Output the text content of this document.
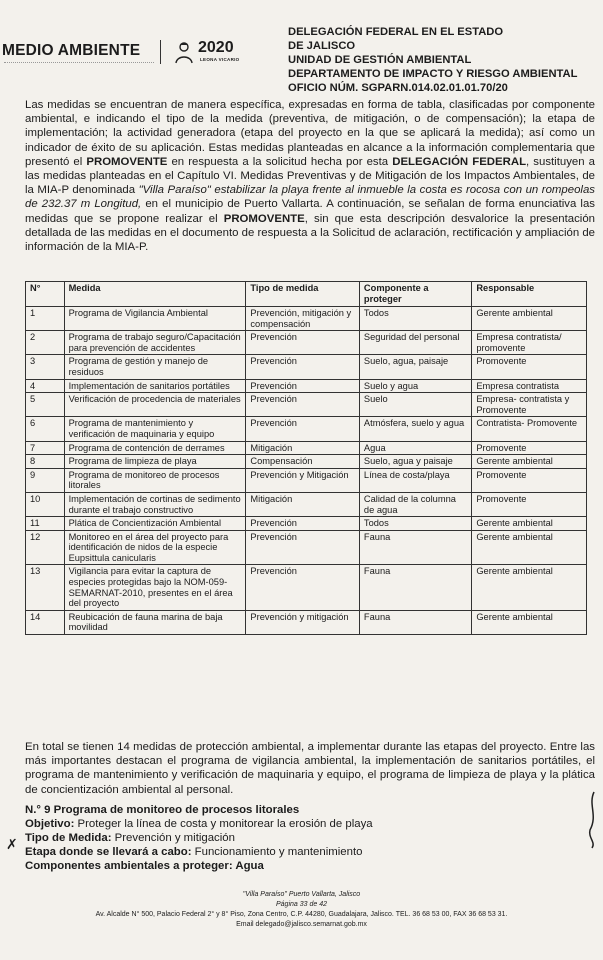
MEDIO AMBIENTE	2020
LEONA VICARIO
DELEGACIÓN FEDERAL EN EL ESTADO
DE JALISCO
UNIDAD DE GESTIÓN AMBIENTAL
DEPARTAMENTO DE IMPACTO Y RIESGO AMBIENTAL
OFICIO NÚM. SGPARN.014.02.01.01.70/20
Las medidas se encuentran de manera específica, expresadas en forma de tabla, clasificadas por componente ambiental, e indicando el tipo de la medida (preventiva, de mitigación, o de compensación); la etapa de implementación; la actividad generadora (etapa del proyecto en la que se aplicará la medida); así como un indicador de éxito de su aplicación. Estas medidas planteadas en alcance a la información complementaria que presentó el PROMOVENTE en respuesta a la solicitud hecha por esta DELEGACIÓN FEDERAL, sustituyen a las medidas planteadas en el Capítulo VI. Medidas Preventivas y de Mitigación de los Impactos Ambientales, de la MIA-P denominada "Villa Paraíso" estabilizar la playa frente al inmueble la costa es rocosa con un rompeolas de 232.37 m Longitud, en el municipio de Puerto Vallarta. A continuación, se señalan de forma enunciativa las medidas que se propone realizar el PROMOVENTE, sin que esta descripción desvalorice la presentación detallada de las medidas en el documento de respuesta a la Solicitud de aclaración, rectificación y ampliación de información de la MIA-P.
N°	Medida	Tipo de medida	Componente a proteger	Responsable
1	Programa de Vigilancia Ambiental	Prevención, mitigación y compensación	Todos	Gerente ambiental
2	Programa de trabajo seguro/Capacitación para prevención de accidentes	Prevención	Seguridad del personal	Empresa contratista/ promovente
3	Programa de gestión y manejo de residuos	Prevención	Suelo, agua, paisaje	Promovente
4	Implementación de sanitarios portátiles	Prevención	Suelo y agua	Empresa contratista
5	Verificación de procedencia de materiales	Prevención	Suelo	Empresa- contratista y Promovente
6	Programa de mantenimiento y verificación de maquinaria y equipo	Prevención	Atmósfera, suelo y agua	Contratista- Promovente
7	Programa de contención de derrames	Mitigación	Agua	Promovente
8	Programa de limpieza de playa	Compensación	Suelo, agua y paisaje	Gerente ambiental
9	Programa de monitoreo de procesos litorales	Prevención y Mitigación	Línea de costa/playa	Promovente
10	Implementación de cortinas de sedimento durante el trabajo constructivo	Mitigación	Calidad de la columna de agua	Promovente
11	Plática de Concientización Ambiental	Prevención	Todos	Gerente ambiental
12	Monitoreo en el área del proyecto para identificación de nidos de la especie Eupsittula canicularis	Prevención	Fauna	Gerente ambiental
13	Vigilancia para evitar la captura de especies protegidas bajo la NOM-059-SEMARNAT-2010, presentes en el área del proyecto	Prevención	Fauna	Gerente ambiental
14	Reubicación de fauna marina de baja movilidad	Prevención y mitigación	Fauna	Gerente ambiental
En total se tienen 14 medidas de protección ambiental, a implementar durante las etapas del proyecto. Entre las más importantes destacan el programa de vigilancia ambiental, la implementación de sanitarios portátiles, el programa de mantenimiento y verificación de maquinaria y equipo, el programa de limpieza de playa y la plática de concientización ambiental al personal.
N.° 9 Programa de monitoreo de procesos litorales
Objetivo: Proteger la línea de costa y monitorear la erosión de playa
Tipo de Medida: Prevención y mitigación
Etapa donde se llevará a cabo: Funcionamiento y mantenimiento
Componentes ambientales a proteger: Agua
✗
"Villa Paraíso" Puerto Vallarta, Jalisco
Página 33 de 42
Av. Alcalde N° 500, Palacio Federal 2° y 8° Piso, Zona Centro, C.P. 44280, Guadalajara, Jalisco. TEL. 36 68 53 00, FAX 36 68 53 31.
Email delegado@jalisco.semarnat.gob.mx
